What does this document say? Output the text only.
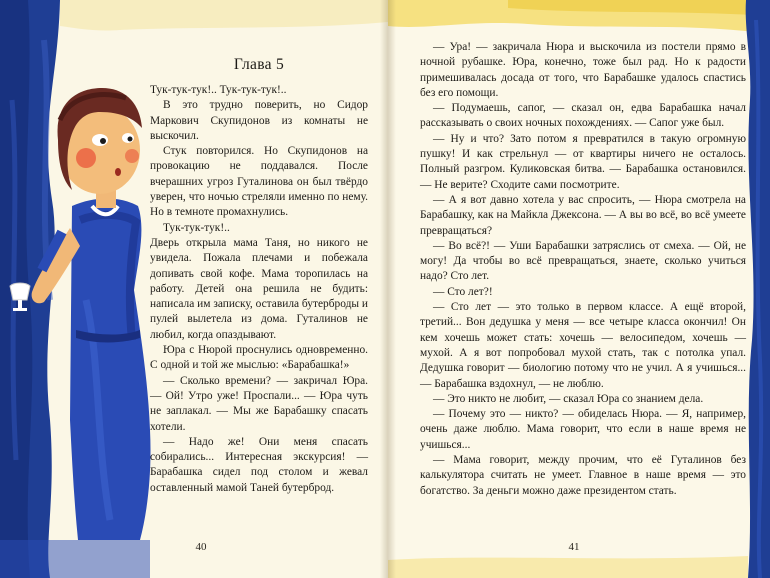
Глава 5

Тук-тук-тук!.. Тук-тук-тук!..

В это трудно поверить, но Сидор Маркович Скупидонов из комнаты не выскочил.

Стук повторился. Но Скупидонов на провокацию не поддавался. После вчерашних угроз Гуталинова он был твёрдо уверен, что ночью стреляли именно по нему. Но в темноте промахнулись.

Тук-тук-тук!..

Дверь открыла мама Таня, но никого не увидела. Пожала плечами и побежала допивать свой кофе. Мама торопилась на работу. Детей она решила не будить: написала им записку, оставила бутерброды и пулей вылетела из дома. Гуталинов не любил, когда опаздывают.

Юра с Нюрой проснулись одновременно. С одной и той же мыслью: «Барабашка!»

— Сколько времени? — закричал Юра. — Ой! Утро уже! Проспали... — Юра чуть не заплакал. — Мы же Барабашку спасать хотели.

— Надо же! Они меня спасать собирались... Интересная экскурсия! — Барабашка сидел под столом и жевал оставленный мамой Таней бутерброд.

40

— Ура! — закричала Нюра и выскочила из постели прямо в ночной рубашке. Юра, конечно, тоже был рад. Но к радости примешивалась досада от того, что Барабашке удалось спастись без его помощи.

— Подумаешь, сапог, — сказал он, едва Барабашка начал рассказывать о своих ночных похождениях. — Сапог уже был.

— Ну и что? Зато потом я превратился в такую огромную пушку! И как стрельнул — от квартиры ничего не осталось. Полный разгром. Куликовская битва. — Барабашка остановился. — Не верите? Сходите сами посмотрите.

— А я вот давно хотела у вас спросить, — Нюра смотрела на Барабашку, как на Майкла Джексона. — А вы во всё, во всё умеете превращаться?

— Во всё?! — Уши Барабашки затряслись от смеха. — Ой, не могу! Да чтобы во всё превращаться, знаете, сколько учиться надо? Сто лет.

— Сто лет?!

— Сто лет — это только в первом классе. А ещё второй, третий... Вон дедушка у меня — все четыре класса окончил! Он кем хочешь может стать: хочешь — велосипедом, хочешь — мухой. А я вот попробовал мухой стать, так с потолка упал. Дедушка говорит — биологию потому что не учил. А я учишься... — Барабашка вздохнул, — не люблю.

— Это никто не любит, — сказал Юра со знанием дела.

— Почему это — никто? — обиделась Нюра. — Я, например, очень даже люблю. Мама говорит, что если в наше время не учишься...

— Мама говорит, между прочим, что её Гуталинов без калькулятора считать не умеет. Главное в наше время — это богатство. За деньги можно даже президентом стать.

41
